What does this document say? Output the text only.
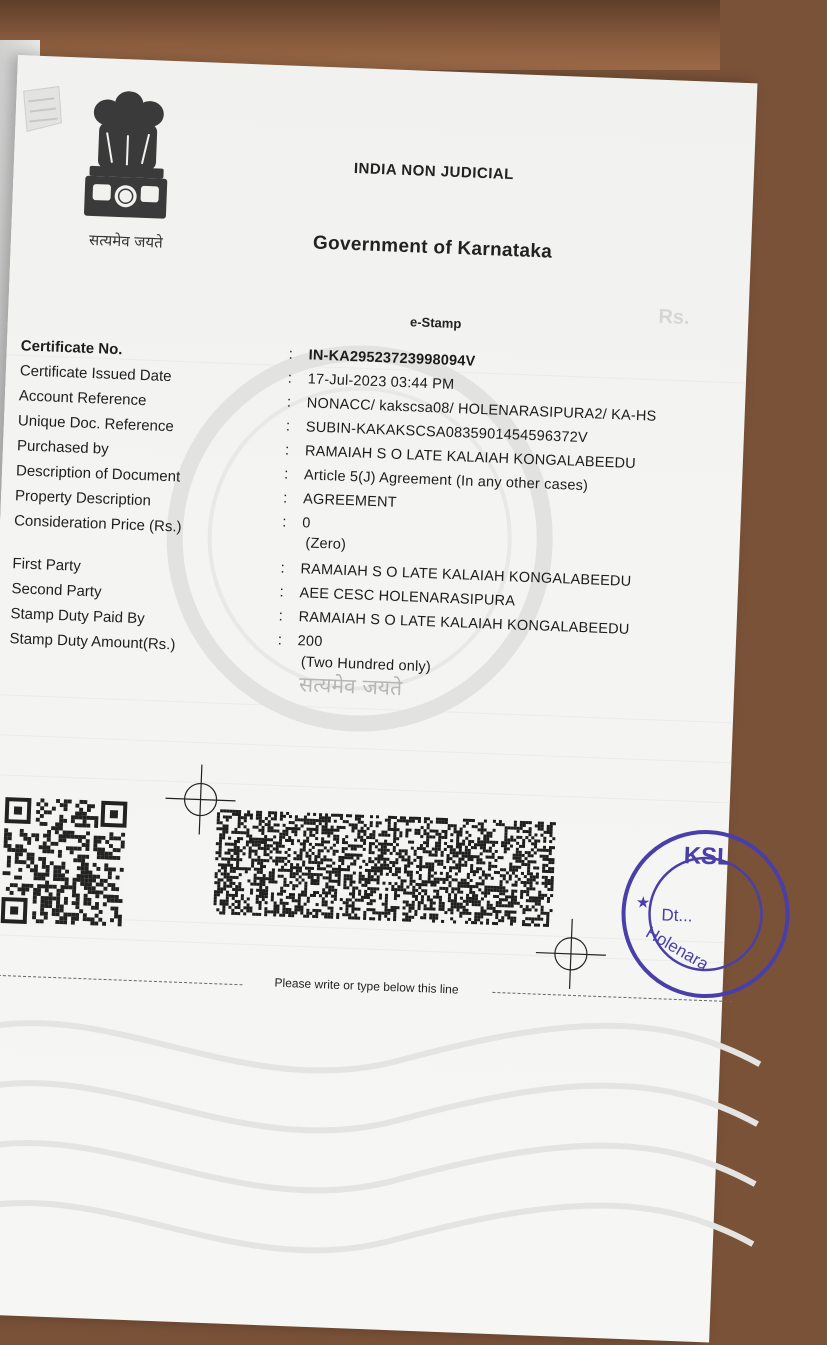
सत्यमेव जयते
INDIA NON JUDICIAL
Government of Karnataka
e-Stamp	Rs.
Certificate No.	: IN-KA29523723998094V
Certificate Issued Date	: 17-Jul-2023 03:44 PM
Account Reference	: NONACC/ kakscsa08/ HOLENARASIPURA2/ KA-HS
Unique Doc. Reference	: SUBIN-KAKAKSCSA0835901454596372V
Purchased by	: RAMAIAH S O LATE KALAIAH KONGALABEEDU
Description of Document	: Article 5(J) Agreement (In any other cases)
Property Description	: AGREEMENT
Consideration Price (Rs.)	: 0
(Zero)
First Party	: RAMAIAH S O LATE KALAIAH KONGALABEEDU
Second Party	: AEE CESC HOLENARASIPURA
Stamp Duty Paid By	: RAMAIAH S O LATE KALAIAH KONGALABEEDU
Stamp Duty Amount(Rs.)	: 200
(Two Hundred only)
सत्यमेव जयते
KSL
Dt...
Holenara
★
Please write or type below this line
